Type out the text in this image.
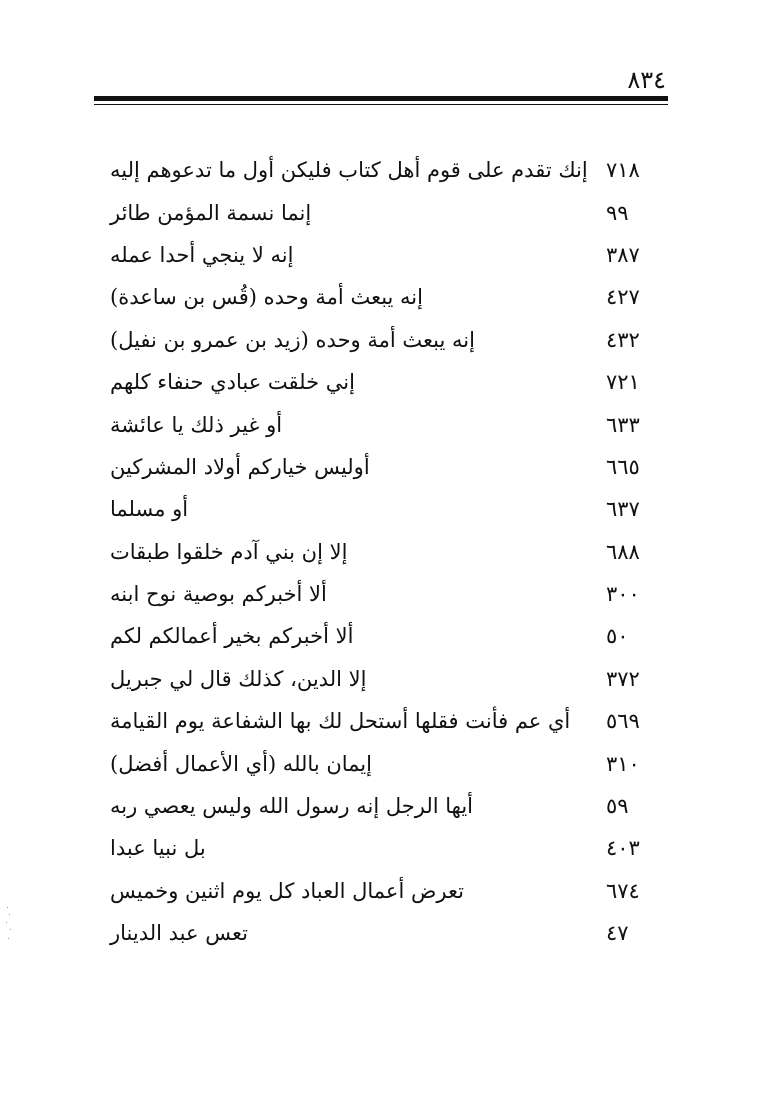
٨٣٤
إنك تقدم على قوم أهل كتاب فليكن أول ما تدعوهم إليه ٧١٨
إنما نسمة المؤمن طائر	٩٩
إنه لا ينجي أحدا عمله	٣٨٧
إنه يبعث أمة وحده (قُس بن ساعدة)	٤٢٧
إنه يبعث أمة وحده (زيد بن عمرو بن نفيل)	٤٣٢
إني خلقت عبادي حنفاء كلهم	٧٢١
أو غير ذلك يا عائشة	٦٣٣
أوليس خياركم أولاد المشركين	٦٦٥
أو مسلما	٦٣٧
إلا إن بني آدم خلقوا طبقات	٦٨٨
ألا أخبركم بوصية نوح ابنه	٣٠٠
ألا أخبركم بخير أعمالكم لكم	٥٠
إلا الدين، كذلك قال لي جبريل	٣٧٢
أي عم فأنت فقلها أستحل لك بها الشفاعة يوم القيامة ٥٦٩
إيمان بالله (أي الأعمال أفضل)	٣١٠
أيها الرجل إنه رسول الله وليس يعصي ربه	٥٩
بل نبيا عبدا	٤٠٣
تعرض أعمال العباد كل يوم اثنين وخميس	٦٧٤
تعس عبد الدينار	٤٧
